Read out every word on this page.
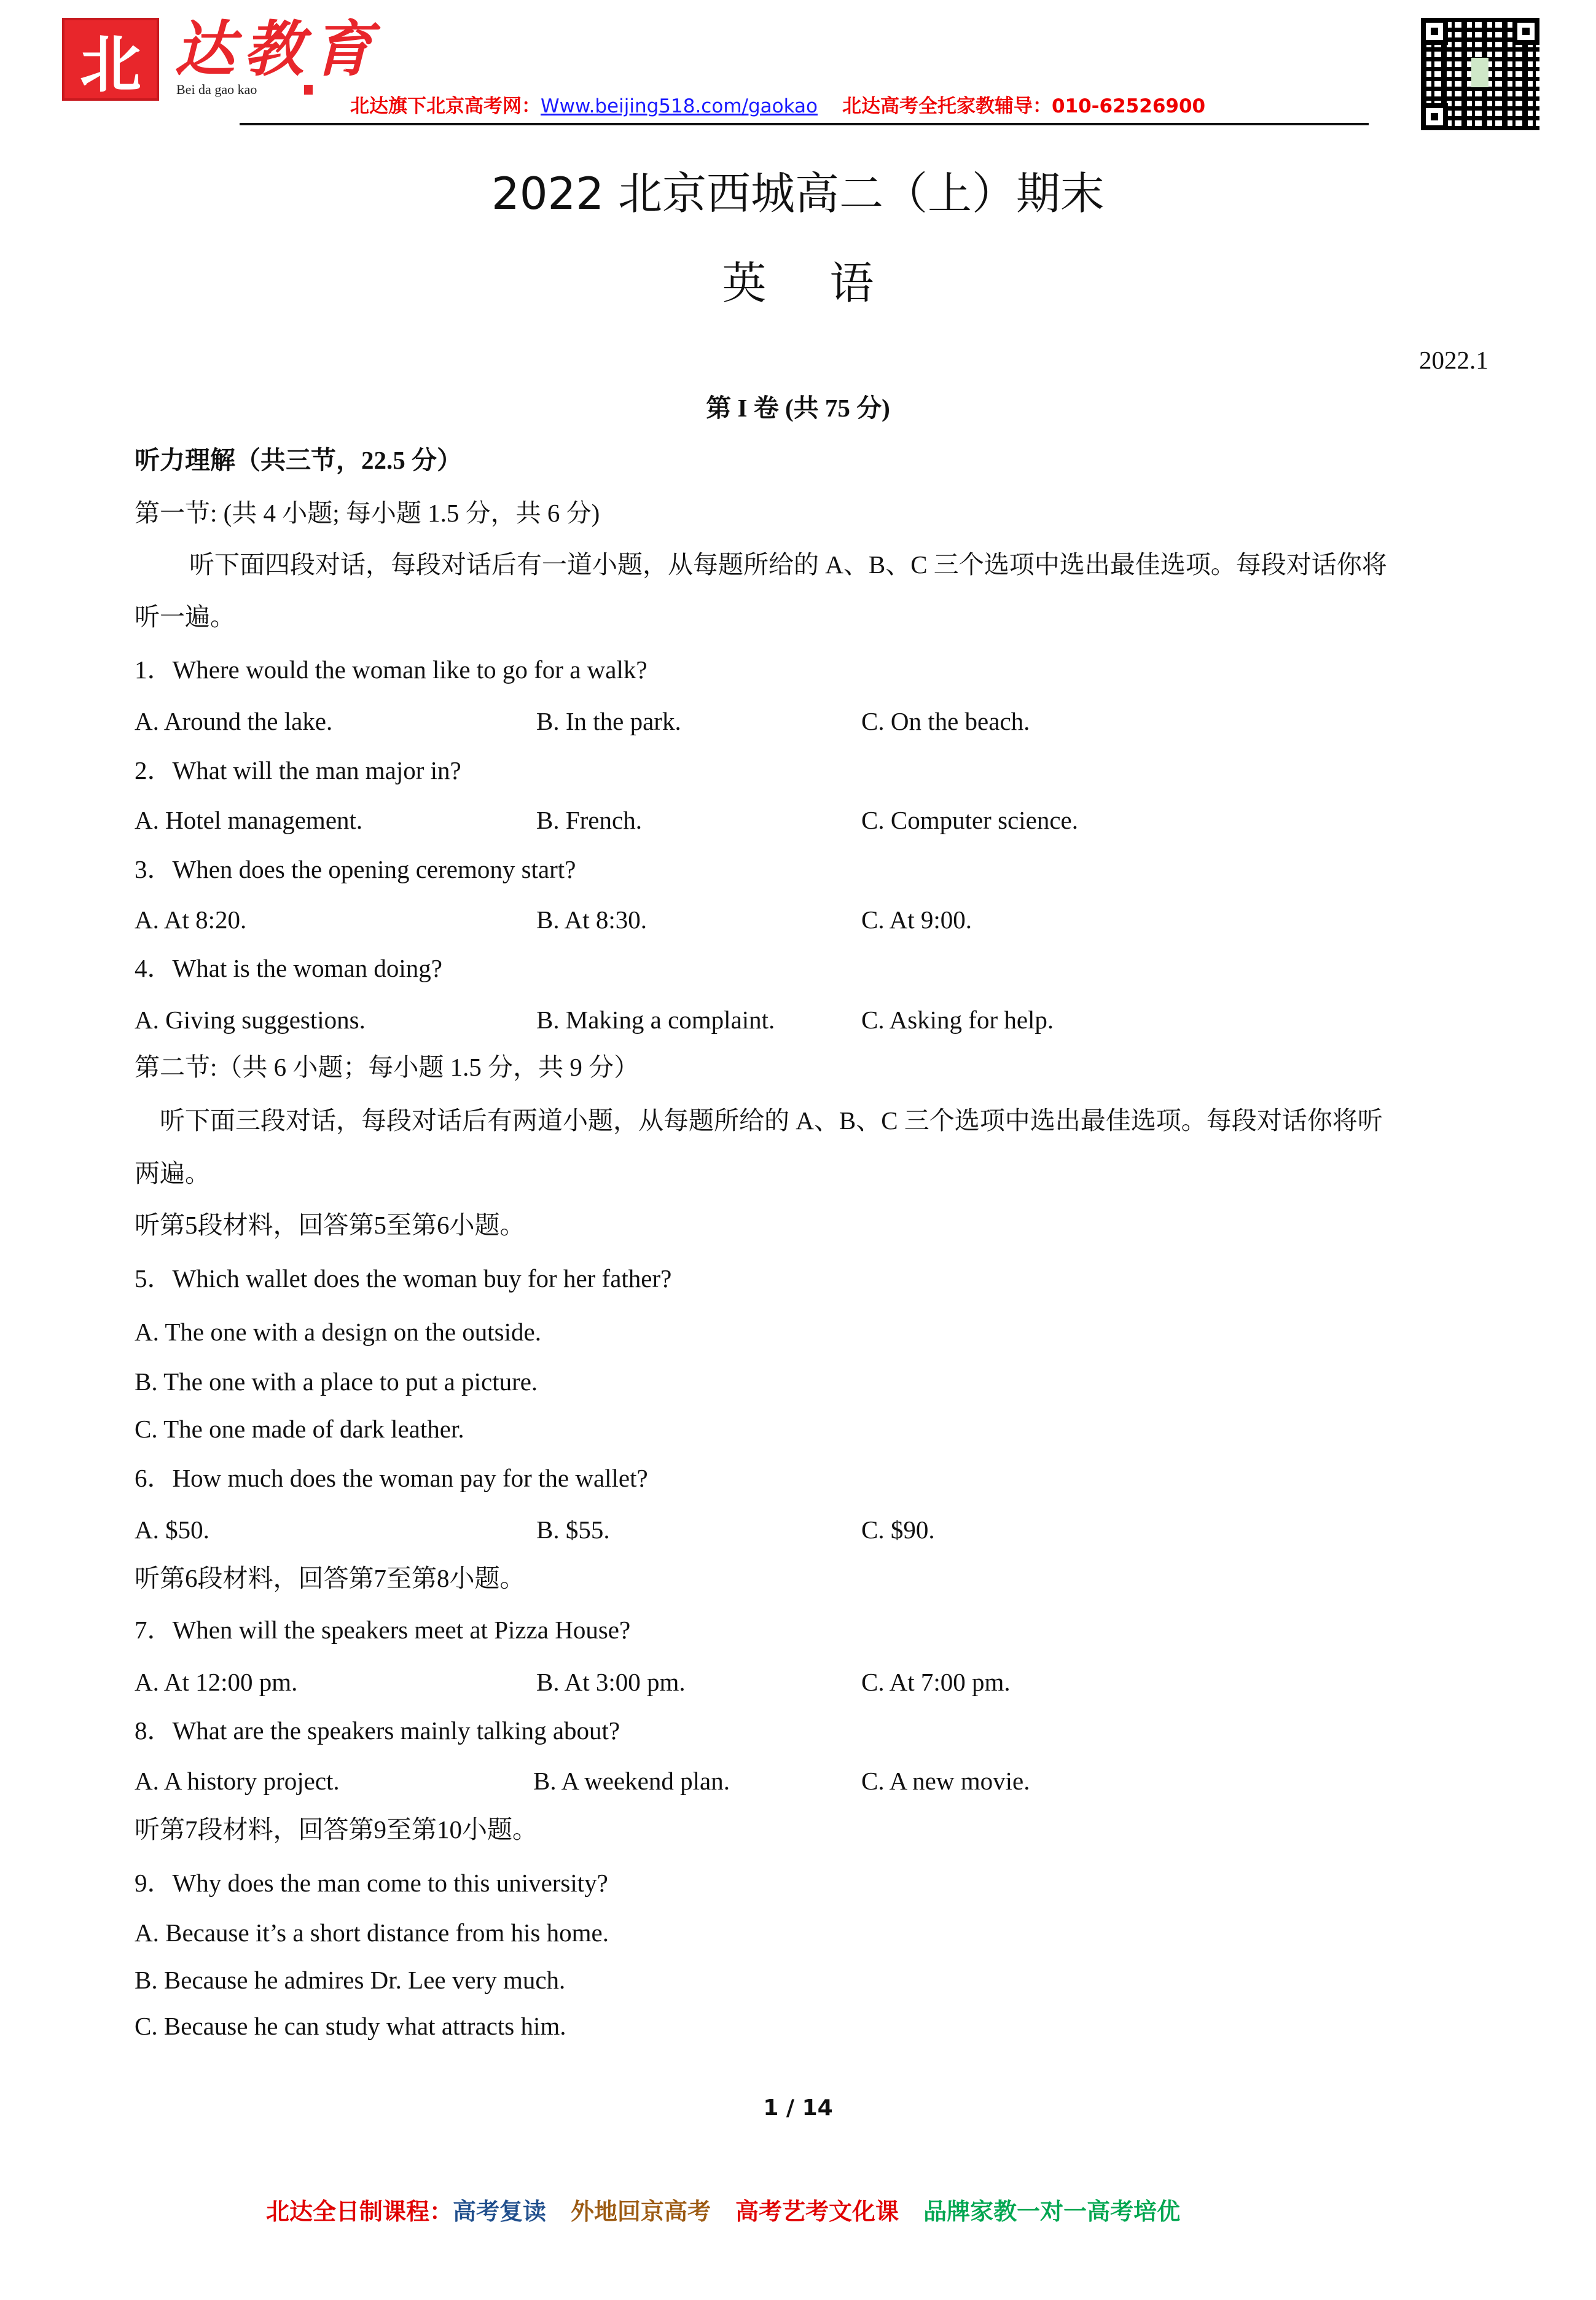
北 达教育
Bei da gao kao
北达旗下北京高考网：Www.beijing518.com/gaokao 北达高考全托家教辅导：010-62526900
2022 北京西城高二（上）期末
英 语
2022.1
第 I 卷 (共 75 分)
听力理解（共三节，22.5 分）
第一节: (共 4 小题; 每小题 1.5 分，共 6 分)
听下面四段对话，每段对话后有一道小题，从每题所给的 A、B、C 三个选项中选出最佳选项。每段对话你将
听一遍。
1．Where would the woman like to go for a walk?
A. Around the lake.	B. In the park.	C. On the beach.
2．What will the man major in?
A. Hotel management.	B. French.	C. Computer science.
3．When does the opening ceremony start?
A. At 8:20.	B. At 8:30.	C. At 9:00.
4．What is the woman doing?
A. Giving suggestions.	B. Making a complaint.	C. Asking for help.
第二节:（共 6 小题；每小题 1.5 分，共 9 分）
听下面三段对话，每段对话后有两道小题，从每题所给的 A、B、C 三个选项中选出最佳选项。每段对话你将听
两遍。
听第5段材料，回答第5至第6小题。
5．Which wallet does the woman buy for her father?
A. The one with a design on the outside.
B. The one with a place to put a picture.
C. The one made of dark leather.
6．How much does the woman pay for the wallet?
A. $50.	B. $55.	C. $90.
听第6段材料，回答第7至第8小题。
7．When will the speakers meet at Pizza House?
A. At 12:00 pm.	B. At 3:00 pm.	C. At 7:00 pm.
8．What are the speakers mainly talking about?
A. A history project.	B. A weekend plan.	C. A new movie.
听第7段材料，回答第9至第10小题。
9．Why does the man come to this university?
A. Because it’s a short distance from his home.
B. Because he admires Dr. Lee very much.
C. Because he can study what attracts him.
1 / 14
北达全日制课程：高考复读 外地回京高考 高考艺考文化课 品牌家教一对一高考培优
